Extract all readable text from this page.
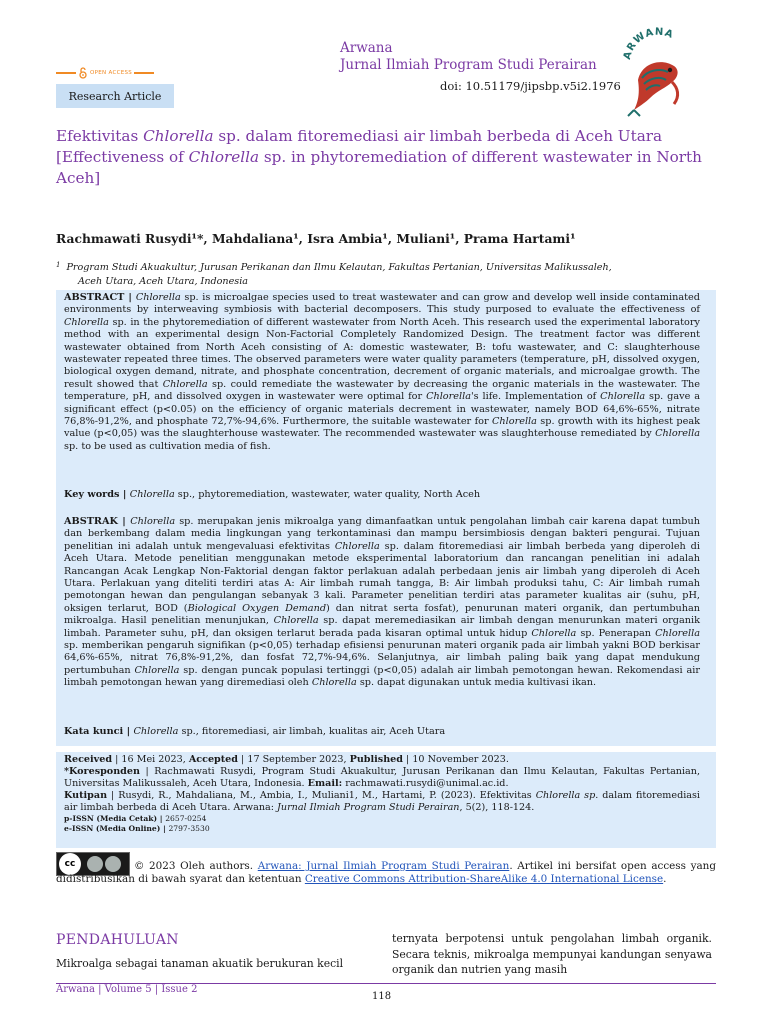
OPEN ACCESS
Arwana
Jurnal Ilmiah Program Studi Perairan
doi: 10.51179/jipsbp.v5i2.1976
ARWANA
Research Article
Efektivitas Chlorella sp. dalam fitoremediasi air limbah berbeda di Aceh Utara
[Effectiveness of Chlorella sp. in phytoremediation of different wastewater in North Aceh]
Rachmawati Rusydi¹*, Mahdaliana¹, Isra Ambia¹, Muliani¹, Prama Hartami¹
$^1$ Program Studi Akuakultur, Jurusan Perikanan dan Ilmu Kelautan, Fakultas Pertanian, Universitas Malikussaleh,
Aceh Utara, Aceh Utara, Indonesia
ABSTRACT | Chlorella sp. is microalgae species used to treat wastewater and can grow and develop well inside contaminated environments by interweaving symbiosis with bacterial decomposers. This study purposed to evaluate the effectiveness of Chlorella sp. in the phytoremediation of different wastewater from North Aceh. This research used the experimental laboratory method with an experimental design Non-Factorial Completely Randomized Design. The treatment factor was different wastewater obtained from North Aceh consisting of A: domestic wastewater, B: tofu wastewater, and C: slaughterhouse wastewater repeated three times. The observed parameters were water quality parameters (temperature, pH, dissolved oxygen, biological oxygen demand, nitrate, and phosphate concentration, decrement of organic materials, and microalgae growth. The result showed that Chlorella sp. could remediate the wastewater by decreasing the organic materials in the wastewater. The temperature, pH, and dissolved oxygen in wastewater were optimal for Chlorella's life. Implementation of Chlorella sp. gave a significant effect (p<0.05) on the efficiency of organic materials decrement in wastewater, namely BOD 64,6%-65%, nitrate 76,8%-91,2%, and phosphate 72,7%-94,6%. Furthermore, the suitable wastewater for Chlorella sp. growth with its highest peak value (p<0,05) was the slaughterhouse wastewater. The recommended wastewater was slaughterhouse remediated by Chlorella sp. to be used as cultivation media of fish.
Key words | Chlorella sp., phytoremediation, wastewater, water quality, North Aceh
ABSTRAK | Chlorella sp. merupakan jenis mikroalga yang dimanfaatkan untuk pengolahan limbah cair karena dapat tumbuh dan berkembang dalam media lingkungan yang terkontaminasi dan mampu bersimbiosis dengan bakteri pengurai. Tujuan penelitian ini adalah untuk mengevaluasi efektivitas Chlorella sp. dalam fitoremediasi air limbah berbeda yang diperoleh di Aceh Utara. Metode penelitian menggunakan metode eksperimental laboratorium dan rancangan penelitian ini adalah Rancangan Acak Lengkap Non-Faktorial dengan faktor perlakuan adalah perbedaan jenis air limbah yang diperoleh di Aceh Utara. Perlakuan yang diteliti terdiri atas A: Air limbah rumah tangga, B: Air limbah produksi tahu, C: Air limbah rumah pemotongan hewan dan pengulangan sebanyak 3 kali. Parameter penelitian terdiri atas parameter kualitas air (suhu, pH, oksigen terlarut, BOD (Biological Oxygen Demand) dan nitrat serta fosfat), penurunan materi organik, dan pertumbuhan mikroalga. Hasil penelitian menunjukan, Chlorella sp. dapat meremediasikan air limbah dengan menurunkan materi organik limbah. Parameter suhu, pH, dan oksigen terlarut berada pada kisaran optimal untuk hidup Chlorella sp. Penerapan Chlorella sp. memberikan pengaruh signifikan (p<0,05) terhadap efisiensi penurunan materi organik pada air limbah yakni BOD berkisar 64,6%-65%, nitrat 76,8%-91,2%, dan fosfat 72,7%-94,6%. Selanjutnya, air limbah paling baik yang dapat mendukung pertumbuhan Chlorella sp. dengan puncak populasi tertinggi (p<0,05) adalah air limbah pemotongan hewan. Rekomendasi air limbah pemotongan hewan yang diremediasi oleh Chlorella sp. dapat digunakan untuk media kultivasi ikan.
Kata kunci | Chlorella sp., fitoremediasi, air limbah, kualitas air, Aceh Utara
Received | 16 Mei 2023, Accepted | 17 September 2023, Published | 10 November 2023.
*Koresponden | Rachmawati Rusydi, Program Studi Akuakultur, Jurusan Perikanan dan Ilmu Kelautan, Fakultas Pertanian, Universitas Malikussaleh, Aceh Utara, Indonesia. Email: rachmawati.rusydi@unimal.ac.id.
Kutipan | Rusydi, R., Mahdaliana, M., Ambia, I., Muliani1, M., Hartami, P. (2023). Efektivitas Chlorella sp. dalam fitoremediasi air limbah berbeda di Aceh Utara. Arwana: Jurnal Ilmiah Program Studi Perairan, 5(2), 118-124.
p-ISSN (Media Cetak) | 2657-0254
e-ISSN (Media Online) | 2797-3530
cc	© 2023 Oleh authors. Arwana: Jurnal Ilmiah Program Studi Perairan. Artikel ini bersifat open access yang didistribusikan di bawah syarat dan ketentuan Creative Commons Attribution-ShareAlike 4.0 International License.
PENDAHULUAN
Mikroalga sebagai tanaman akuatik berukuran kecil
ternyata berpotensi untuk pengolahan limbah organik. Secara teknis, mikroalga mempunyai kandungan senyawa organik dan nutrien yang masih
Arwana | Volume 5 | Issue 2
118
